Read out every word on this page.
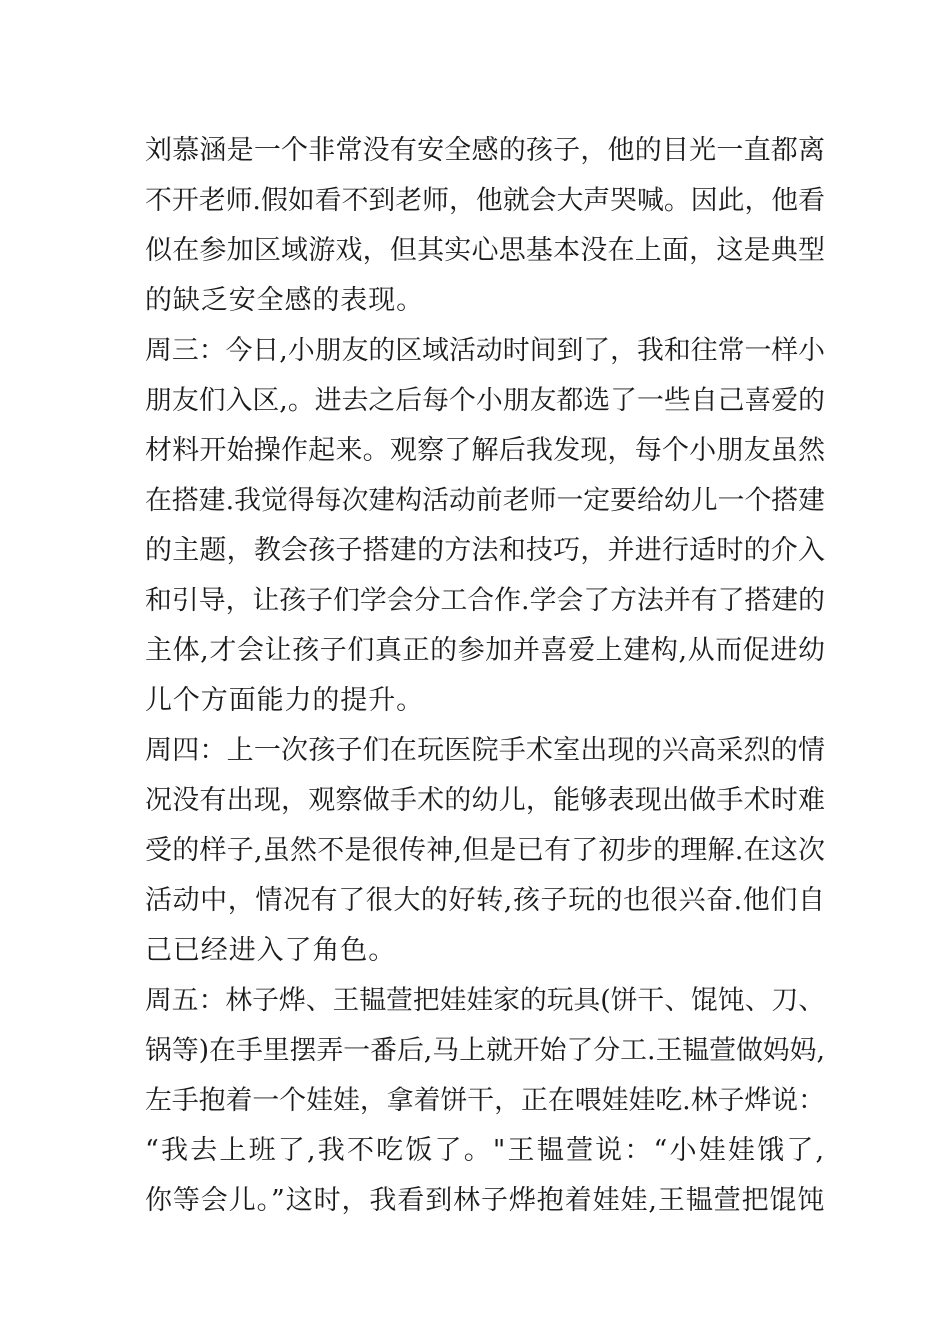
刘慕涵是一个非常没有安全感的孩子，他的目光一直都离
不开老师.假如看不到老师，他就会大声哭喊。因此，他看
似在参加区域游戏，但其实心思基本没在上面，这是典型
的缺乏安全感的表现。
周三：今日,小朋友的区域活动时间到了，我和往常一样小
朋友们入区,。进去之后每个小朋友都选了一些自己喜爱的
材料开始操作起来。观察了解后我发现，每个小朋友虽然
在搭建.我觉得每次建构活动前老师一定要给幼儿一个搭建
的主题，教会孩子搭建的方法和技巧，并进行适时的介入
和引导，让孩子们学会分工合作.学会了方法并有了搭建的
主体,才会让孩子们真正的参加并喜爱上建构,从而促进幼
儿个方面能力的提升。
周四：上一次孩子们在玩医院手术室出现的兴高采烈的情
况没有出现，观察做手术的幼儿，能够表现出做手术时难
受的样子,虽然不是很传神,但是已有了初步的理解.在这次
活动中，情况有了很大的好转,孩子玩的也很兴奋.他们自
己已经进入了角色。
周五：林子烨、王韫萱把娃娃家的玩具(饼干、馄饨、刀、
锅等)在手里摆弄一番后,马上就开始了分工.王韫萱做妈妈,
左手抱着一个娃娃，拿着饼干，正在喂娃娃吃.林子烨说：
“我去上班了,我不吃饭了。"王韫萱说：“小娃娃饿了,
你等会儿。”这时，我看到林子烨抱着娃娃,王韫萱把馄饨
